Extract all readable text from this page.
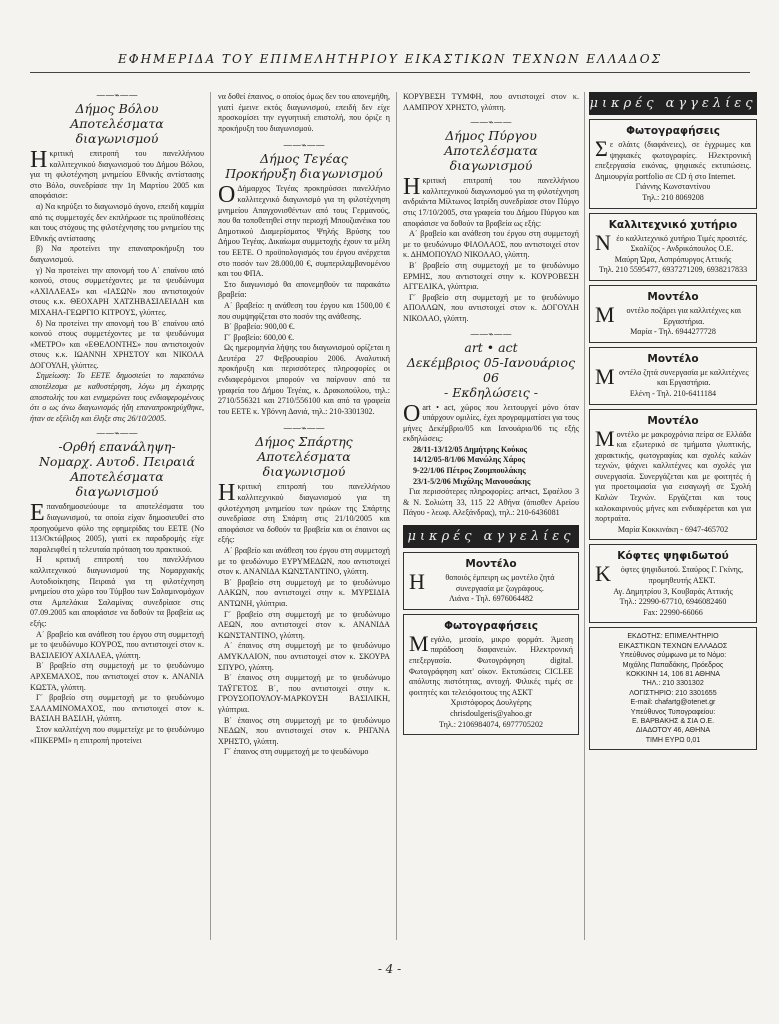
ΕΦΗΜΕΡΙΔΑ ΤΟΥ ΕΠΙΜΕΛΗΤΗΡΙΟΥ ΕΙΚΑΣΤΙΚΩΝ ΤΕΧΝΩΝ ΕΛΛΑΔΟΣ
——⌁——
Δήμος Βόλου
Αποτελέσματα διαγωνισμού

Ηκριτική επιτροπή του πανελλήνιου καλλιτεχνικού διαγωνισμού του Δήμου Βόλου, για τη φιλοτέχνηση μνημείου Εθνικής αντίστασης στο Βόλο, συνεδρίασε την 1η Μαρτίου 2005 και αποφάσισε:

α) Να κηρύξει το διαγωνισμό άγονο, επειδή καμμία από τις συμμετοχές δεν εκπλήρωσε τις προϋποθέσεις και τους στόχους της φιλοτέχνησης του μνημείου της Εθνικής αντίστασης

β) Να προτείνει την επαναπροκήρυξη του διαγωνισμού.

γ) Να προτείνει την απονομή του Α΄ επαίνου από κοινού, στους συμμετέχοντες με τα ψευδώνυμα «ΑΧΙΛΛΕΑΣ» και «ΙΑΣΩΝ» που αντιστοιχούν στους κ.κ. ΘΕΟΧΑΡΗ ΧΑΤΖΗΒΑΣΙΛΕΙΑΔΗ και ΜΙΧΑΗΛ-ΓΕΩΡΓΙΟ ΚΙΤΡΟΥΣ, γλύπτες.

δ) Να προτείνει την απονομή του Β΄ επαίνου από κοινού στους συμμετέχοντες με τα ψευδώνυμα «ΜΕΤΡΟ» και «ΕΘΕΛΟΝΤΗΣ» που αντιστοιχούν στους κ.κ. ΙΩΑΝΝΗ ΧΡΗΣΤΟΥ και ΝΙΚΟΛΑ ΔΟΓΟΥΛΗ, γλύπτες.

Σημείωση: Το ΕΕΤΕ δημοσιεύει το παραπάνω αποτέλεσμα με καθυστέρηση, λόγω μη έγκαιρης αποστολής του και ενημερώνει τους ενδιαφερομένους ότι ο ως άνω διαγωνισμός ήδη επαναπροκηρύχθηκε, ήταν σε εξέλιξη και έληξε στις 26/10/2005.

——⌁——
-Ορθή επανάληψη-
Νομαρχ. Αυτοδ. Πειραιά
Αποτελέσματα διαγωνισμού

Επαναδημοσιεύουμε τα αποτελέσματα του διαγωνισμού, τα οποία είχαν δημοσιευθεί στο προηγούμενο φύλο της εφημερίδας του ΕΕΤΕ (Νο 113/Οκτώβριος 2005), γιατί εκ παραδρομής είχε παραλειφθεί η τελευταία πρόταση του πρακτικού.

Η κριτική επιτροπή του πανελλήνιου καλλιτεχνικού διαγωνισμού της Νομαρχιακής Αυτοδιοίκησης Πειραιά για τη φιλοτέχνηση μνημείου στο χώρο του Τύμβου των Σαλαμινομάχων στα Αμπελάκια Σαλαμίνας συνεδρίασε στις 07.09.2005 και αποφάσισε να δοθούν τα βραβεία ως εξής:

Α΄ βραβείο και ανάθεση του έργου στη συμμετοχή με το ψευδώνυμο ΚΟΥΡΟΣ, που αντιστοιχεί στον κ. ΒΑΣΙΛΕΙΟΥ ΑΧΙΛΛΕΑ, γλύπτη.

Β΄ βραβείο στη συμμετοχή με το ψευδώνυμο ΑΡΧΕΜΑΧΟΣ, που αντιστοιχεί στον κ. ΑΝΑΝΙΑ ΚΩΣΤΑ, γλύπτη.

Γ΄ βραβείο στη συμμετοχή με το ψευδώνυμο ΣΑΛΑΜΙΝΟΜΑΧΟΣ, που αντιστοιχεί στον κ. ΒΑΣΙΛΗ ΒΑΣΙΛΗ, γλύπτη.

Στον καλλιτέχνη που συμμετείχε με το ψευδώνυμο «ΠΙΚΕΡΜΙ» η επιτροπή προτείνει

να δοθεί έπαινος, ο οποίος όμως δεν του απονεμήθη, γιατί έμεινε εκτός διαγωνισμού, επειδή δεν είχε προσκομίσει την εγγυητική επιστολή, που όριζε η προκήρυξη του διαγωνισμού.

——⌁——
Δήμος Τεγέας
Προκήρυξη διαγωνισμού

ΟΔήμαρχος Τεγέας προκηρύσσει πανελλήνιο καλλιτεχνικό διαγωνισμό για τη φιλοτέχνηση μνημείου Απαγχονισθέντων από τους Γερμανούς, που θα τοποθετηθεί στην περιοχή Μπουζιανέικα του Δημοτικού Διαμερίσματος Ψηλής Βρύσης του Δήμου Τεγέας. Δικαίωμα συμμετοχής έχουν τα μέλη του ΕΕΤΕ. Ο προϋπολογισμός του έργου ανέρχεται στο ποσόν των 28.000,00 €, συμπεριλαμβανομένου και του ΦΠΑ.

Στο διαγωνισμό θα απονεμηθούν τα παρακάτω βραβεία:

Α΄ βραβείο: η ανάθεση του έργου και 1500,00 € που συμψηφίζεται στο ποσόν της ανάθεσης.

Β΄ βραβείο: 900,00 €.

Γ΄ βραβείο: 600,00 €.

Ως ημερομηνία λήψης του διαγωνισμού ορίζεται η Δευτέρα 27 Φεβρουαρίου 2006. Αναλυτική προκήρυξη και περισσότερες πληροφορίες οι ενδιαφερόμενοι μπορούν να παίρνουν από τα γραφεία του Δήμου Τεγέας, κ. Δρακοπούλου, τηλ.: 2710/556321 και 2710/556100 και από τα γραφεία του ΕΕΤΕ κ. Υβόννη Δανιά, τηλ.: 210-3301302.

——⌁——
Δήμος Σπάρτης
Αποτελέσματα διαγωνισμού

Ηκριτική επιτροπή του πανελλήνιου καλλιτεχνικού διαγωνισμού για τη φιλοτέχνηση μνημείου των ηρώων της Σπάρτης συνεδρίασε στη Σπάρτη στις 21/10/2005 και αποφάσισε να δοθούν τα βραβεία και οι έπαινοι ως εξής:

Α΄ βραβείο και ανάθεση του έργου στη συμμετοχή με το ψευδώνυμο ΕΥΡΥΜΕΔΩΝ, που αντιστοιχεί στον κ. ΑΝΑΝΙΔΑ ΚΩΝΣΤΑΝΤΙΝΟ, γλύπτη.

Β΄ βραβείο στη συμμετοχή με το ψευδώνυμο ΛΑΚΩΝ, που αντιστοιχεί στην κ. ΜΥΡΣΙΔΙΑ ΑΝΤΩΝΗ, γλύπτρια.

Γ΄ βραβείο στη συμμετοχή με το ψευδώνυμο ΛΕΩΝ, που αντιστοιχεί στον κ. ΑΝΑΝΙΔΑ ΚΩΝΣΤΑΝΤΙΝΟ, γλύπτη.

Α΄ έπαινος στη συμμετοχή με το ψευδώνυμο ΑΜΥΚΛΑΙΟΝ, που αντιστοιχεί στον κ. ΣΚΟΥΡΑ ΣΠΥΡΟ, γλύπτη.

Β΄ έπαινος στη συμμετοχή με το ψευδώνυμο ΤΑΫΓΕΤΟΣ Β΄, που αντιστοιχεί στην κ. ΓΡΟΥΣΟΠΟΥΛΟΥ-ΜΑΡΚΟΥΣΗ ΒΑΣΙΛΙΚΗ, γλύπτρια.

Β΄ έπαινος στη συμμετοχή με το ψευδώνυμο ΝΕΔΩΝ, που αντιστοιχεί στον κ. ΡΗΓΑΝΑ ΧΡΗΣΤΟ, γλύπτη.

Γ΄ έπαινος στη συμμετοχή με το ψευδώνυμο

ΚΟΡΥΒΕΣΗ ΤΥΜΦΗ, που αντιστοιχεί στον κ. ΛΑΜΠΡΟΥ ΧΡΗΣΤΟ, γλύπτη.

——⌁——
Δήμος Πύργου
Αποτελέσματα διαγωνισμού

Ηκριτική επιτροπή του πανελλήνιου καλλιτεχνικού διαγωνισμού για τη φιλοτέχνηση ανδριάντα Μίλτωνος Ιατρίδη συνεδρίασε στον Πύργο στις 17/10/2005, στα γραφεία του Δήμου Πύργου και αποφάσισε να δοθούν τα βραβεία ως εξής:

Α΄ βραβείο και ανάθεση του έργου στη συμμετοχή με το ψευδώνυμο ΦΙΛΟΛΑΟΣ, που αντιστοιχεί στον κ. ΔΗΜΟΠΟΥΛΟ ΝΙΚΟΛΑΟ, γλύπτη.

Β΄ βραβείο στη συμμετοχή με το ψευδώνυμο ΕΡΜΗΣ, που αντιστοιχεί στην κ. ΚΟΥΡΟΒΕΣΗ ΑΓΓΕΛΙΚΑ, γλύπτρια.

Γ΄ βραβείο στη συμμετοχή με το ψευδώνυμο ΑΠΟΛΛΩΝ, που αντιστοιχεί στον κ. ΔΟΓΟΥΛΗ ΝΙΚΟΛΑΟ, γλύπτη.

——⌁——
art • act
Δεκέμβριος 05-Ιανουάριος 06
- Εκδηλώσεις -

Οart • act, χώρος που λειτουργεί μόνο όταν υπάρχουν ομιλίες, έχει προγραμματίσει για τους μήνες Δεκέμβριο/05 και Ιανουάριο/06 τις εξής εκδηλώσεις:

28/11-13/12/05 Δημήτρης Κούκος

14/12/05-8/1/06 Μανώλης Χάρος

9-22/1/06 Πέτρος Ζουμπουλάκης

23/1-5/2/06 Μιχάλης Μανουσάκης

Για περισσότερες πληροφορίες: art•act, Σφαέλου 3 & Ν. Σολιώτη 33, 115 22 Αθήνα (όπισθεν Αρείου Πάγου - λεωφ. Αλεξάνδρας), τηλ.: 210-6436081

μικρές αγγελίες
Μοντέλο

Ηθοποιός έμπειρη ως μοντέλο ζητά συνεργασία με ζωγράφους.

Λιάνα - Τηλ. 6976064482
Φωτογραφήσεις

Μεγάλο, μεσαίο, μικρο φορμάτ. Άμεση παράδοση διαφανειών. Ηλεκτρονική επεξεργασία. Φωτογράφηση digital. Φωτογράφηση κατ' οίκον. Εκτυπώσεις CICLEE απόλυτης πιστότητας, αντοχή. Φιλικές τιμές σε φοιτητές και τελειόφοιτους της ΑΣΚΤ

Χριστόφορος Δουλγέρης
chrisdoulgeris@yahoo.gr
Τηλ.: 2106984074, 6977705202
μικρές αγγελίες
Φωτογραφήσεις

Σε σλάιτς (διαφάνειες), σε έγχρωμες και ψηφιακές φωτογραφίες. Ηλεκτρονική επεξεργασία εικόνας, ψηφιακές εκτυπώσεις. Δημιουργία portfolio σε CD ή στο Internet.

Γιάννης Κωνσταντίνου
Τηλ.: 210 8069208
Καλλιτεχνικό χυτήριο

Νέο καλλιτεχνικό χυτήριο Τιμές προσιτές.

Σκαλίζος - Ανδρικόπουλος Ο.Ε.
Μαύρη Ώρα, Ασπρόπυργος Αττικής
Τηλ. 210 5595477, 6937271209, 6938217833
Μοντέλο

Μοντέλο ποζάρει για καλλιτέχνες και Εργαστήρια.

Μαρία - Τηλ. 6944277728
Μοντέλο

Μοντέλο ζητά συνεργασία με καλλιτέχνες και Εργαστήρια.

Ελένη - Τηλ. 210-6411184
Μοντέλο

Μοντέλο με μακροχρόνια πείρα σε Ελλάδα και εξωτερικό σε τμήματα γλυπτικής, χαρακτικής, φωτογραφίας και σχολές καλών τεχνών, ψάχνει καλλιτέχνες και σχολές για συνεργασία. Συνεργάζεται και με φοιτητές ή για προετοιμασία για εισαγωγή σε Σχολή Καλών Τεχνών. Εργάζεται και τους καλοκαιρινούς μήνες και ενδιαφέρεται και για πορτραίτα.

Μαρία Κοκκινάκη - 6947-465702
Κόφτες ψηφιδωτού

Κόφτες ψηφιδωτού. Σταύρος Γ. Γκίνης, προμηθευτής ΑΣΚΤ.

Αγ. Δημητρίου 3, Κουβαράς Αττικής
Τηλ.: 22990-67710, 6946082460
Fax: 22990-66066
ΕΚΔΟΤΗΣ: ΕΠΙΜΕΛΗΤΗΡΙΟ
ΕΙΚΑΣΤΙΚΩΝ ΤΕΧΝΩΝ ΕΛΛΑΔΟΣ
Υπεύθυνος σύμφωνα με το Νόμο:
Μιχάλης Παπαδάκης, Πρόεδρος
ΚΟΚΚΙΝΗ 14, 106 81 ΑΘΗΝΑ
ΤΗΛ.: 210 3301302
ΛΟΓΙΣΤΗΡΙΟ: 210 3301655
E-mail: chafartg@otenet.gr
Υπεύθυνος Τυπογραφείου:
Ε. ΒΑΡΒΑΚΗΣ & ΣΙΑ Ο.Ε.
ΔΙΑΔΟΤΟΥ 46, ΑΘΗΝΑ
ΤΙΜΗ ΕΥΡΩ 0,01
- 4 -
